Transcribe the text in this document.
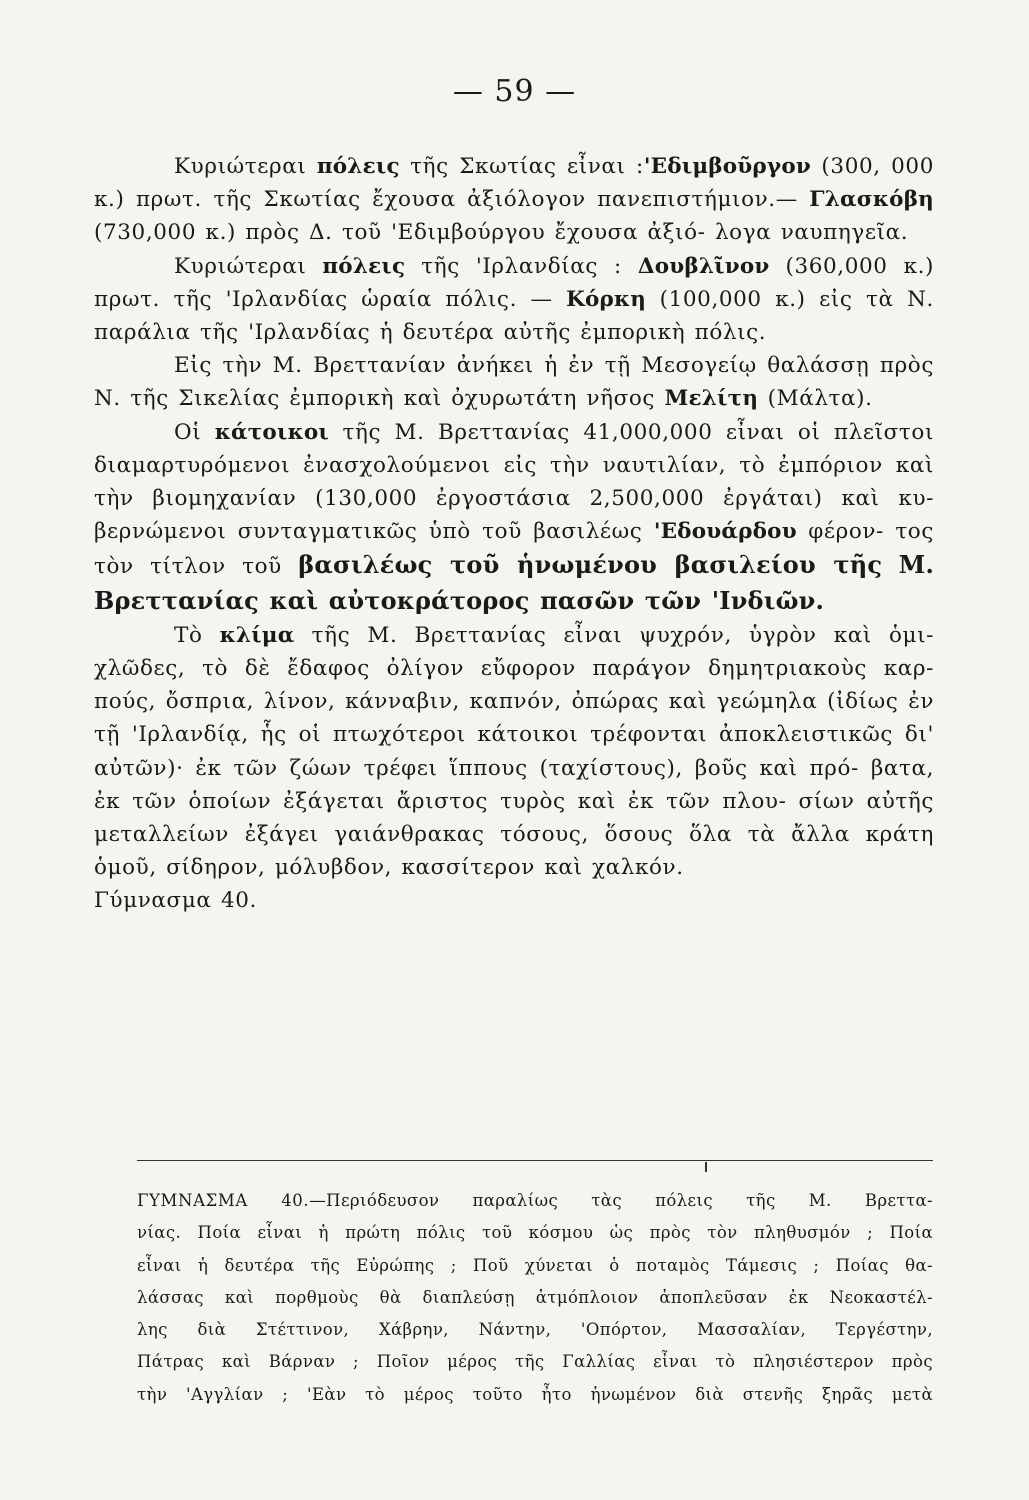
— 59 —

Κυριώτεραι πόλεις τῆς Σκωτίας εἶναι :'Εδιμβοῦργον (300, 000 κ.) πρωτ. τῆς Σκωτίας ἔχουσα ἀξιόλογον πανεπιστήμιον.— Γλασκόβη (730,000 κ.) πρὸς Δ. τοῦ 'Εδιμβούργου ἔχουσα ἀξιό- λογα ναυπηγεῖα.

Κυριώτεραι πόλεις τῆς 'Ιρλανδίας : Δουβλῖνον (360,000 κ.) πρωτ. τῆς 'Ιρλανδίας ὡραία πόλις. — Κόρκη (100,000 κ.) εἰς τὰ Ν. παράλια τῆς 'Ιρλανδίας ἡ δευτέρα αὐτῆς ἐμπορικὴ πόλις.

Εἰς τὴν Μ. Βρεττανίαν ἀνήκει ἡ ἐν τῇ Μεσογείῳ θαλάσσῃ πρὸς Ν. τῆς Σικελίας ἐμπορικὴ καὶ ὀχυρωτάτη νῆσος Μελίτη (Μάλτα).

Οἱ κάτοικοι τῆς Μ. Βρεττανίας 41,000,000 εἶναι οἱ πλεῖστοι διαμαρτυρόμενοι ἐνασχολούμενοι εἰς τὴν ναυτιλίαν, τὸ ἐμπόριον καὶ τὴν βιομηχανίαν (130,000 ἐργοστάσια 2,500,000 ἐργάται) καὶ κυ- βερνώμενοι συνταγματικῶς ὑπὸ τοῦ βασιλέως 'Εδουάρδου φέρον- τος τὸν τίτλον τοῦ βασιλέως τοῦ ἡνωμένου βασιλείου τῆς Μ. Βρεττανίας καὶ αὐτοκράτορος πασῶν τῶν 'Ινδιῶν.

Τὸ κλίμα τῆς Μ. Βρεττανίας εἶναι ψυχρόν, ὑγρὸν καὶ ὁμι- χλῶδες, τὸ δὲ ἔδαφος ὀλίγον εὔφορον παράγον δημητριακοὺς καρ- πούς, ὄσπρια, λίνον, κάνναβιν, καπνόν, ὀπώρας καὶ γεώμηλα (ἰδίως ἐν τῇ 'Ιρλανδίᾳ, ἧς οἱ πτωχότεροι κάτοικοι τρέφονται ἀποκλειστικῶς δι' αὐτῶν)· ἐκ τῶν ζώων τρέφει ἵππους (ταχίστους), βοῦς καὶ πρό- βατα, ἐκ τῶν ὁποίων ἐξάγεται ἄριστος τυρὸς καὶ ἐκ τῶν πλου- σίων αὐτῆς μεταλλείων ἐξάγει γαιάνθρακας τόσους, ὅσους ὅλα τὰ ἄλλα κράτη ὁμοῦ, σίδηρον, μόλυβδον, κασσίτερον καὶ χαλκόν.

Γύμνασμα 40.

ΓΥΜΝΑΣΜΑ 40.—Περιόδευσον παραλίως τὰς πόλεις τῆς Μ. Βρεττα-
νίας. Ποία εἶναι ἡ πρώτη πόλις τοῦ κόσμου ὡς πρὸς τὸν πληθυσμόν ; Ποία
εἶναι ἡ δευτέρα τῆς Εὐρώπης ; Ποῦ χύνεται ὁ ποταμὸς Τάμεσις ; Ποίας θα-
λάσσας καὶ πορθμοὺς θὰ διαπλεύσῃ ἀτμόπλοιον ἀποπλεῦσαν ἐκ Νεοκαστέλ-
λης διὰ Στέττινον, Χάβρην, Νάντην, 'Οπόρτον, Μασσαλίαν, Τεργέστην,
Πάτρας καὶ Βάρναν ; Ποῖον μέρος τῆς Γαλλίας εἶναι τὸ πλησιέστερον πρὸς
τὴν 'Αγγλίαν ; 'Εὰν τὸ μέρος τοῦτο ἦτο ἡνωμένον διὰ στενῆς ξηρᾶς μετὰ
